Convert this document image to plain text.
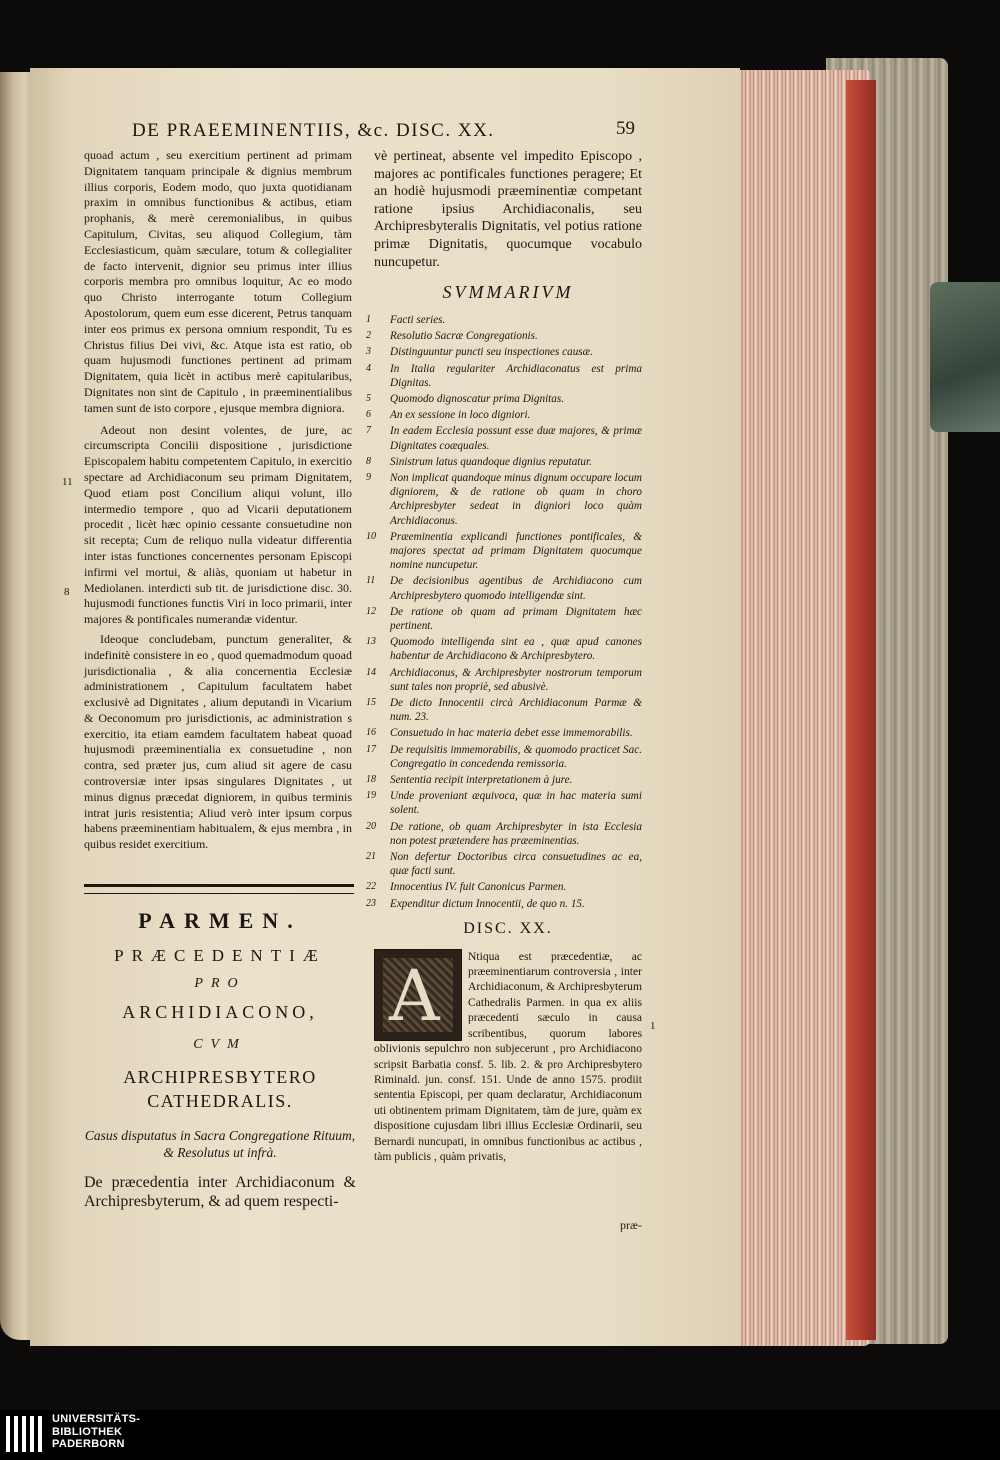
DE PRAEEMINENTIIS, &c. DISC. XX.	59

quoad actum , seu exercitium pertinent ad primam Dignitatem tanquam principale & dignius membrum illius corporis, Eodem modo, quo juxta quotidianam praxim in omnibus functionibus & actibus, etiam prophanis, & merè ceremonialibus, in quibus Capitulum, Civitas, seu aliquod Collegium, tàm Ecclesiasticum, quàm sæculare, totum & collegialiter de facto intervenit, dignior seu primus inter illius corporis membra pro omnibus loquitur, Ac eo modo quo Christo interrogante totum Collegium Apostolorum, quem eum esse dicerent, Petrus tanquam inter eos primus ex persona omnium respondit, Tu es Christus filius Dei vivi, &c. Atque ista est ratio, ob quam hujusmodi functiones pertinent ad primam Dignitatem, quia licèt in actibus merè capitularibus, Dignitates non sint de Capitulo , in præeminentialibus tamen sunt de isto corpore , ejusque membra digniora.

Adeout non desint volentes, de jure, ac circumscripta Concilii dispositione , jurisdictione Episcopalem habitu competentem Capitulo, in exercitio spectare ad Archidiaconum seu primam Dignitatem, Quod etiam post Concilium aliqui volunt, illo intermedio tempore , quo ad Vicarii deputationem procedit , licèt hæc opinio cessante consuetudine non sit recepta; Cum de reliquo nulla videatur differentia inter istas functiones concernentes personam Episcopi infirmi vel mortui, & aliàs, quoniam ut habetur in Mediolanen. interdicti sub tit. de jurisdictione disc. 30. hujusmodi functiones functis Viri in loco primarii, inter majores & pontificales numerandæ videntur.

Ideoque concludebam, punctum generaliter, & indefinitè consistere in eo , quod quemadmodum quoad jurisdictionalia , & alia concernentia Ecclesiæ administrationem , Capitulum facultatem habet exclusivè ad Dignitates , alium deputandi in Vicarium & Oeconomum pro jurisdictionis, ac administration s exercitio, ita etiam eamdem facultatem habeat quoad hujusmodi præeminentialia ex consuetudine , non contra, sed præter jus, cum aliud sit agere de casu controversiæ inter ipsas singulares Dignitates , ut minus dignus præcedat digniorem, in quibus terminis intrat juris resistentia; Aliud verò inter ipsum corpus habens præeminentiam habitualem, & ejus membra , in quibus residet exercitium.

11
8
PARMEN.
PRÆCEDENTIÆ
PRO
ARCHIDIACONO,
CVM
ARCHIPRESBYTERO CATHEDRALIS.
Casus disputatus in Sacra Congregatione Rituum, & Resolutus ut infrà.
De præcedentia inter Archidiaconum & Archipresbyterum, & ad quem respecti-

vè pertineat, absente vel impedito Episcopo , majores ac pontificales functiones peragere; Et an hodiè hujusmodi præeminentiæ competant ratione ipsius Archidiaconalis, seu Archipresbyteralis Dignitatis, vel potius ratione primæ Dignitatis, quocumque vocabulo nuncupetur.

SVMMARIVM
1 Facti series.
2 Resolutio Sacræ Congregationis.
3 Distinguuntur puncti seu inspectiones causæ.
4 In Italia regulariter Archidiaconatus est prima Dignitas.
5 Quomodo dignoscatur prima Dignitas.
6 An ex sessione in loco digniori.
7 In eadem Ecclesia possunt esse duæ majores, & primæ Dignitates coæquales.
8 Sinistrum latus quandoque dignius reputatur.
9 Non implicat quandoque minus dignum occupare locum digniorem, & de ratione ob quam in choro Archipresbyter sedeat in digniori loco quàm Archidiaconus.
10 Præeminentia explicandi functiones pontificales, & majores spectat ad primam Dignitatem quocumque nomine nuncupetur.
11 De decisionibus agentibus de Archidiacono cum Archipresbytero quomodo intelligendæ sint.
12 De ratione ob quam ad primam Dignitatem hæc pertinent.
13 Quomodo intelligenda sint ea , quæ apud canones habentur de Archidiacono & Archipresbytero.
14 Archidiaconus, & Archipresbyter nostrorum temporum sunt tales non propriè, sed abusivè.
15 De dicto Innocentii circà Archidiaconum Parmæ & num. 23.
16 Consuetudo in hac materia debet esse immemorabilis.
17 De requisitis immemorabilis, & quomodo practicet Sac. Congregatio in concedenda remissoria.
18 Sententia recipit interpretationem à jure.
19 Unde proveniant æquivoca, quæ in hac materia sumi solent.
20 De ratione, ob quam Archipresbyter in ista Ecclesia non potest prætendere has præeminentias.
21 Non defertur Doctoribus circa consuetudines ac ea, quæ facti sunt.
22 Innocentius IV. fuit Canonicus Parmen.
23 Expenditur dictum Innocentii, de quo n. 15.
DISC. XX.
A	Ntiqua est præcedentiæ, ac præeminentiarum controversia , inter Archidiaconum, & Archipresbyterum Cathedralis Parmen. in qua ex aliis præcedenti sæculo in causa scribentibus, quorum labores oblivionis sepulchro non subjecerunt , pro Archidiacono scripsit Barbatia consf. 5. lib. 2. & pro Archipresbytero Riminald. jun. consf. 151. Unde de anno 1575. prodiit sententia Episcopi, per quam declaratur, Archidiaconum uti obtinentem primam Dignitatem, tàm de jure, quàm ex dispositione cujusdam libri illius Ecclesiæ Ordinarii, seu Bernardi nuncupati, in omnibus functionibus ac actibus , tàm publicis , quàm privatis,

1
præ-
UNIVERSITÄTS-
BIBLIOTHEK
PADERBORN
